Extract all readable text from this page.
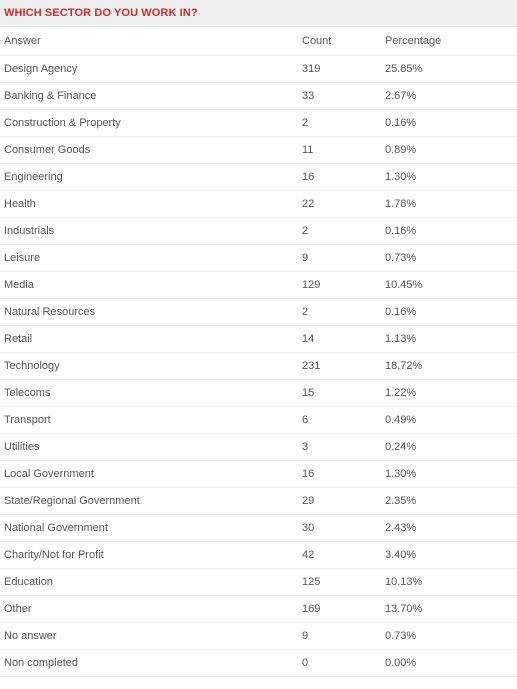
WHICH SECTOR DO YOU WORK IN?
Answer	Count	Percentage
Design Agency	319	25.85%
Banking & Finance	33	2.67%
Construction & Property	2	0.16%
Consumer Goods	11	0.89%
Engineering	16	1.30%
Health	22	1.78%
Industrials	2	0.16%
Leisure	9	0.73%
Media	129	10.45%
Natural Resources	2	0.16%
Retail	14	1.13%
Technology	231	18.72%
Telecoms	15	1.22%
Transport	6	0.49%
Utilities	3	0.24%
Local Government	16	1.30%
State/Regional Government	29	2.35%
National Government	30	2.43%
Charity/Not for Profit	42	3.40%
Education	125	10.13%
Other	169	13.70%
No answer	9	0.73%
Non completed	0	0.00%
